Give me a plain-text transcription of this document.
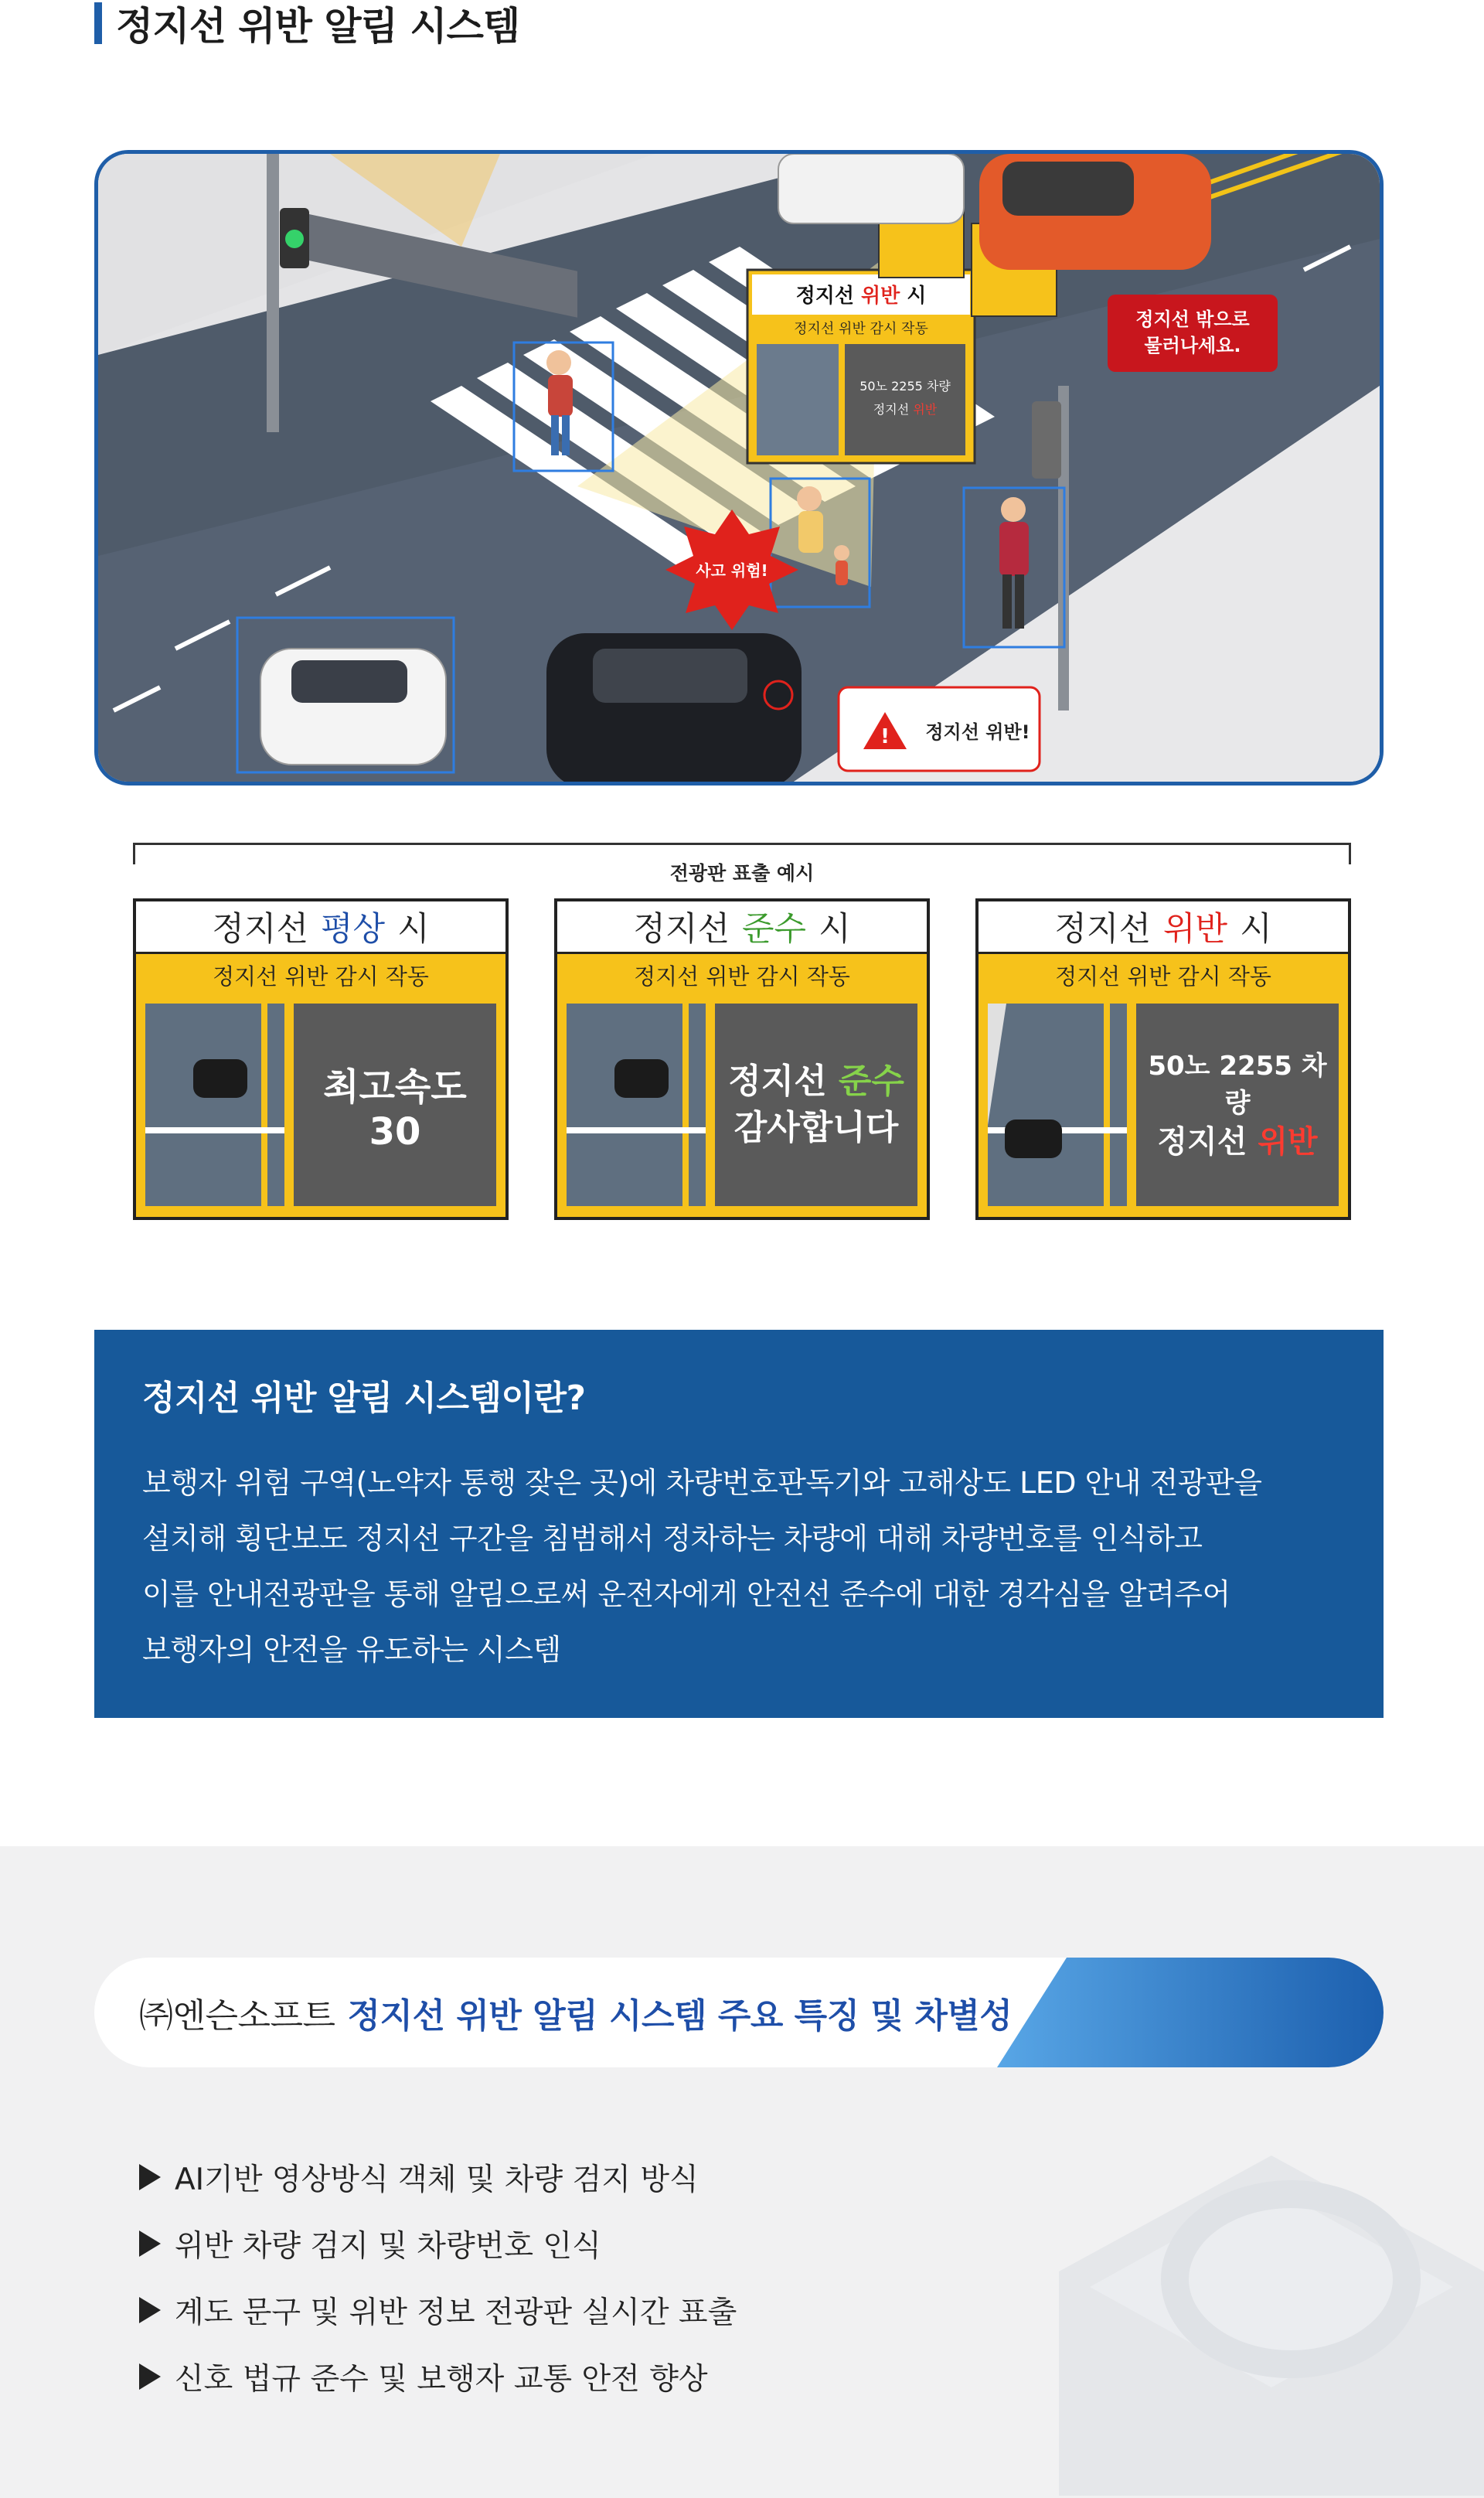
정지선 위반 알림 시스템
정지선 밖으로
물러나세요.
정지선 위반 시
정지선 위반 감시 작동
50노 2255 차량
정지선 위반
사고 위험!
! 정지선 위반!
전광판 표출 예시
정지선 평상 시
정지선 위반 감시 작동
최고속도 30
정지선 준수 시
정지선 위반 감시 작동
정지선 준수
감사합니다
정지선 위반 시
정지선 위반 감시 작동
50노 2255 차량
정지선 위반
정지선 위반 알림 시스템이란?

보행자 위험 구역(노약자 통행 잦은 곳)에 차량번호판독기와 고해상도 LED 안내 전광판을

설치해 횡단보도 정지선 구간을 침범해서 정차하는 차량에 대해 차량번호를 인식하고

이를 안내전광판을 통해 알림으로써 운전자에게 안전선 준수에 대한 경각심을 알려주어

보행자의 안전을 유도하는 시스템

㈜엔슨소프트 정지선 위반 알림 시스템 주요 특징 및 차별성
AI기반 영상방식 객체 및 차량 검지 방식
위반 차량 검지 및 차량번호 인식
계도 문구 및 위반 정보 전광판 실시간 표출
신호 법규 준수 및 보행자 교통 안전 향상
